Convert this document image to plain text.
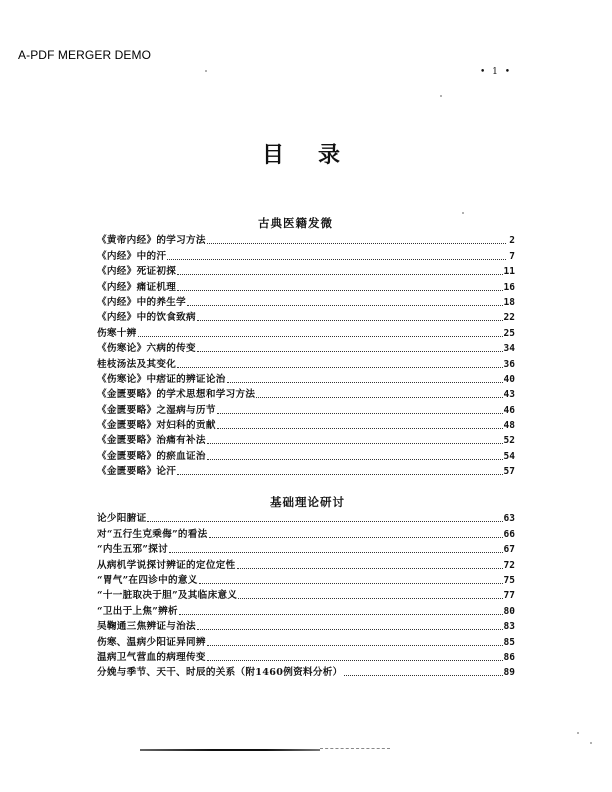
A-PDF MERGER DEMO
• 1 •
目录
古典医籍发微
《黄帝内经》的学习方法	2
《内经》中的汗	7
《内经》死证初探	11
《内经》痛证机理	16
《内经》中的养生学	18
《内经》中的饮食致病	22
伤寒十辨	25
《伤寒论》六病的传变	34
桂枝汤法及其变化	36
《伤寒论》中痞证的辨证论治	40
《金匮要略》的学术思想和学习方法	43
《金匮要略》之湿病与历节	46
《金匮要略》对妇科的贡献	48
《金匮要略》治痛有补法	52
《金匮要略》的瘀血证治	54
《金匮要略》论汗	57
基础理论研讨
论少阳腑证	63
对“五行生克乘侮”的看法	66
“内生五邪”探讨	67
从病机学说探讨辨证的定位定性	72
“胃气”在四诊中的意义	75
“十一脏取决于胆”及其临床意义	77
“卫出于上焦”辨析	80
吴鞠通三焦辨证与治法	83
伤寒、温病少阳证异同辨	85
温病卫气营血的病理传变	86
分娩与季节、天干、时辰的关系（附1460例资料分析）	89
